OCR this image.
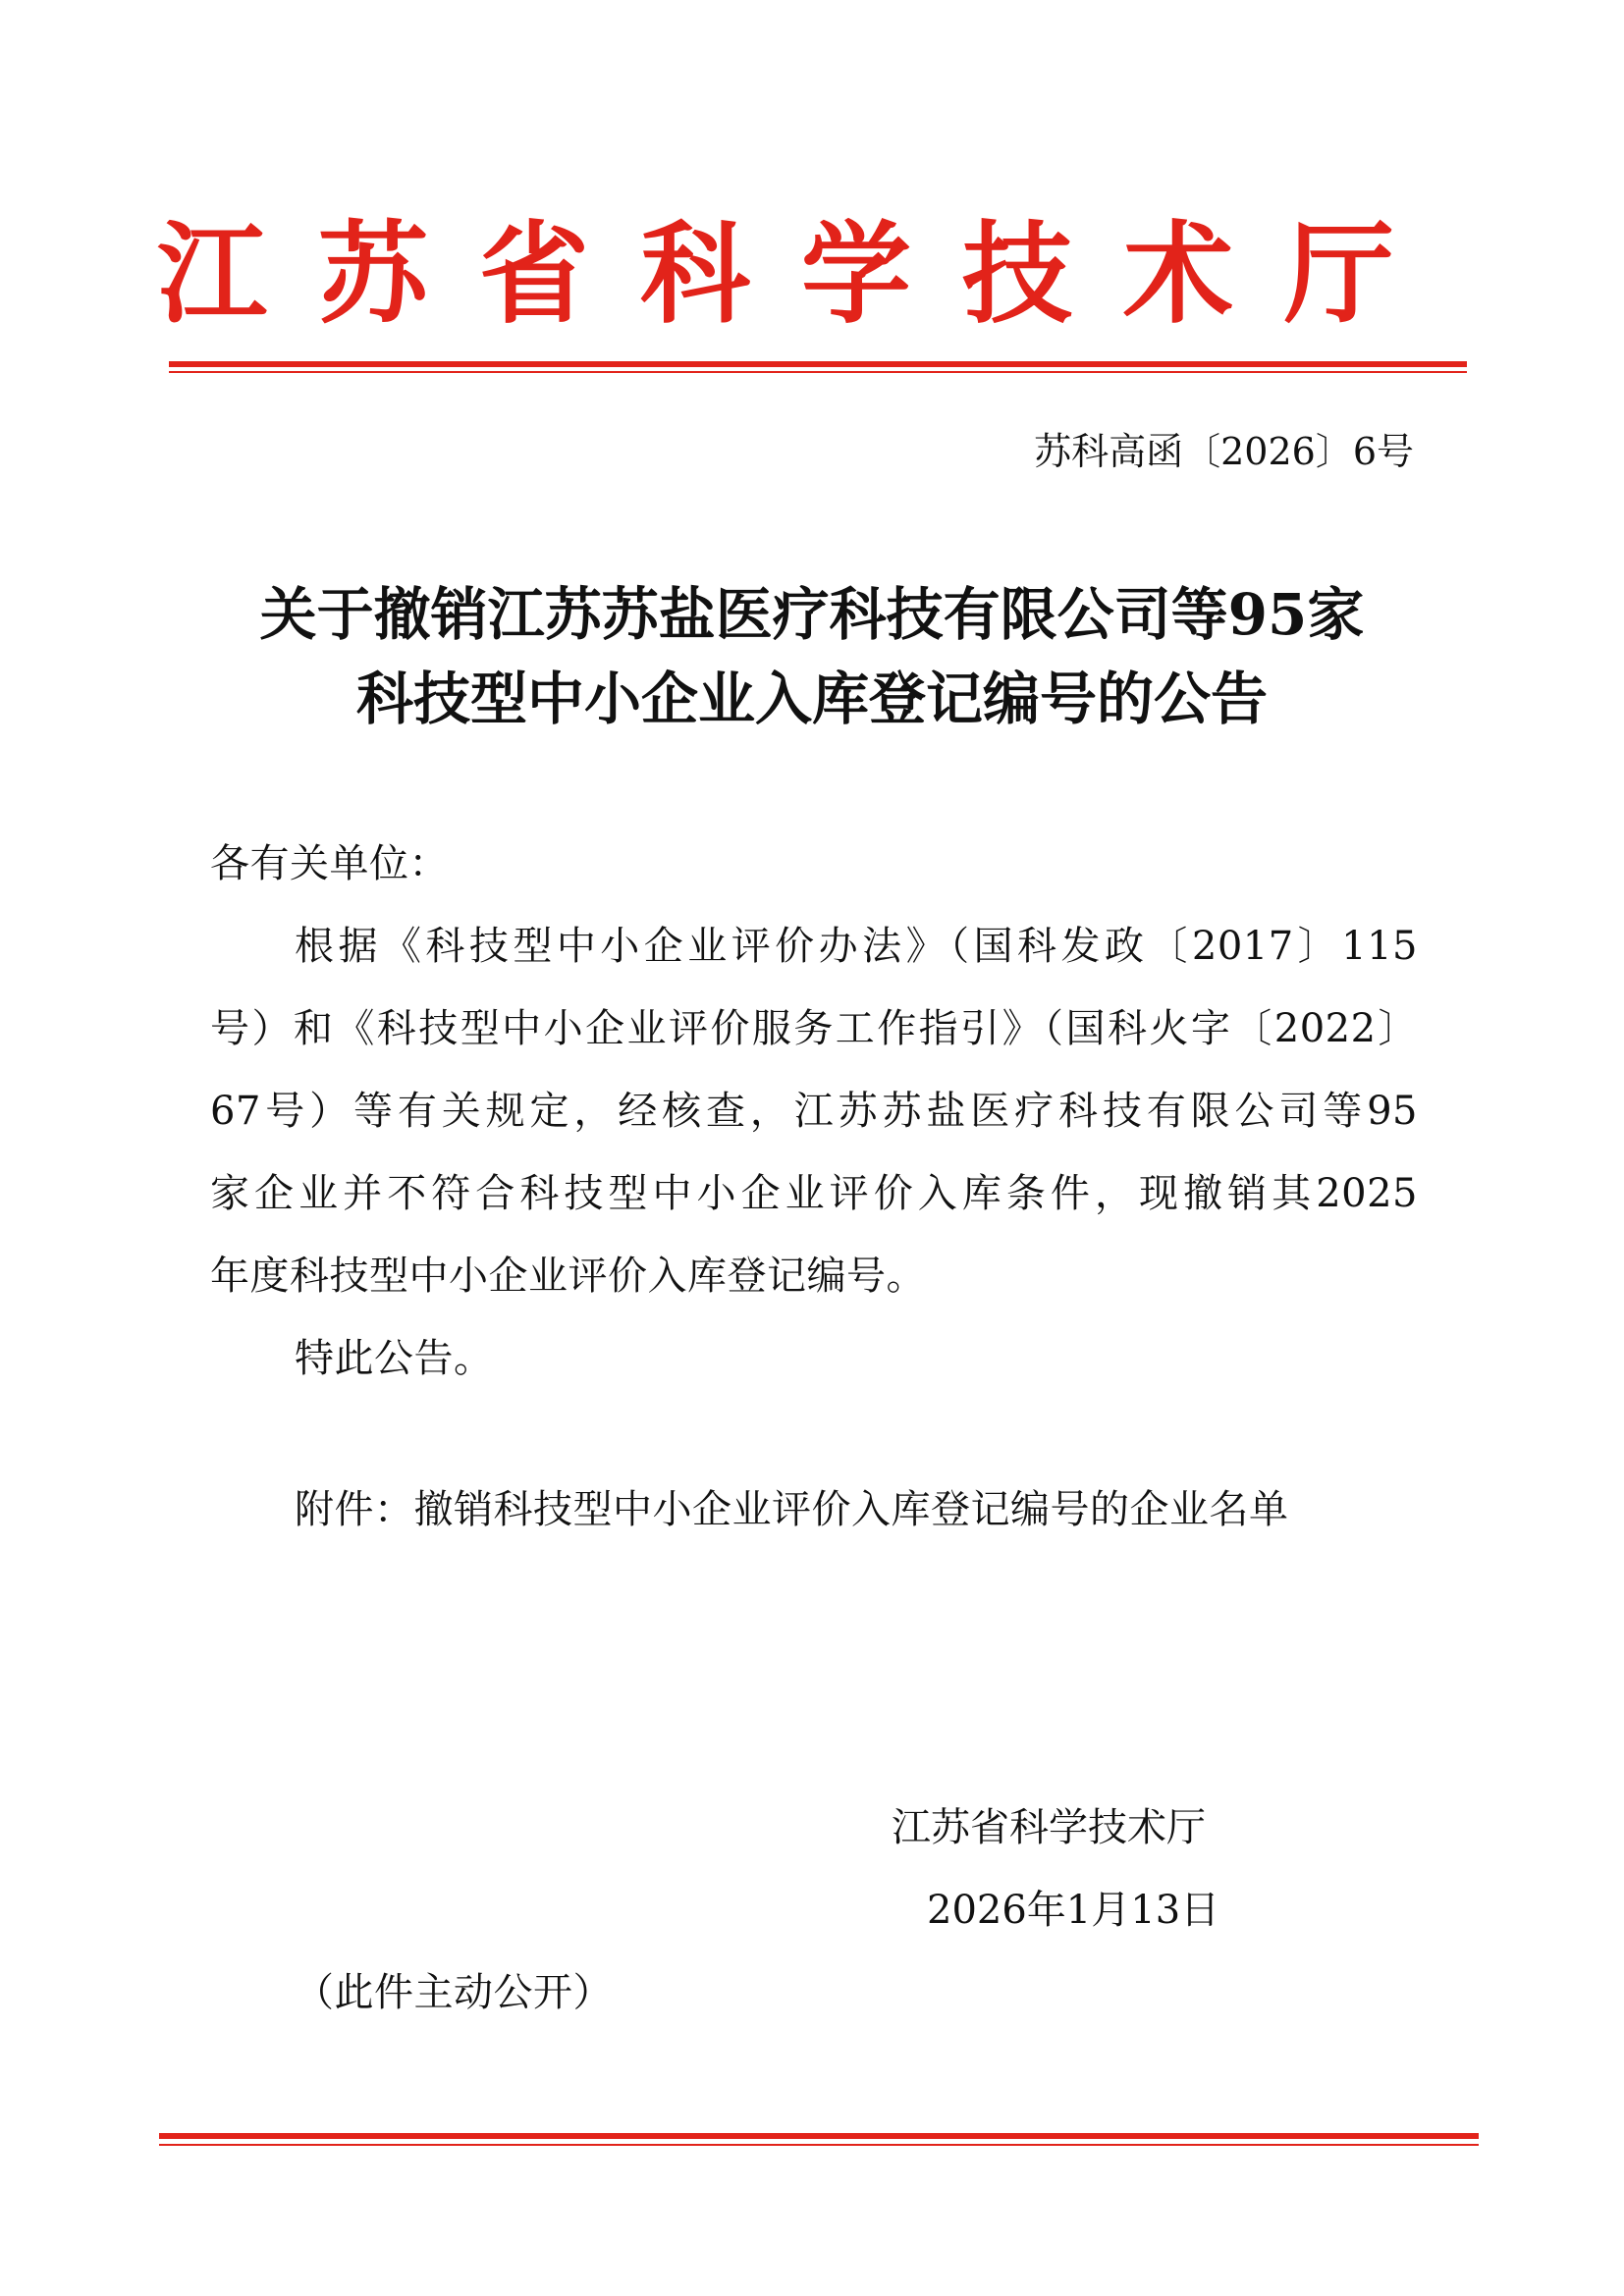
江 苏 省 科 学 技 术 厅
苏科高函〔2026〕6号
关于撤销江苏苏盐医疗科技有限公司等95家
科技型中小企业入库登记编号的公告
各有关单位：
根据《科技型中小企业评价办法》（国科发政〔2017〕115
号）和《科技型中小企业评价服务工作指引》（国科火字〔2022〕
67号）等有关规定，经核查，江苏苏盐医疗科技有限公司等95
家企业并不符合科技型中小企业评价入库条件，现撤销其2025
年度科技型中小企业评价入库登记编号。
特此公告。
附件：撤销科技型中小企业评价入库登记编号的企业名单
江苏省科学技术厅
2026年1月13日
（此件主动公开）
